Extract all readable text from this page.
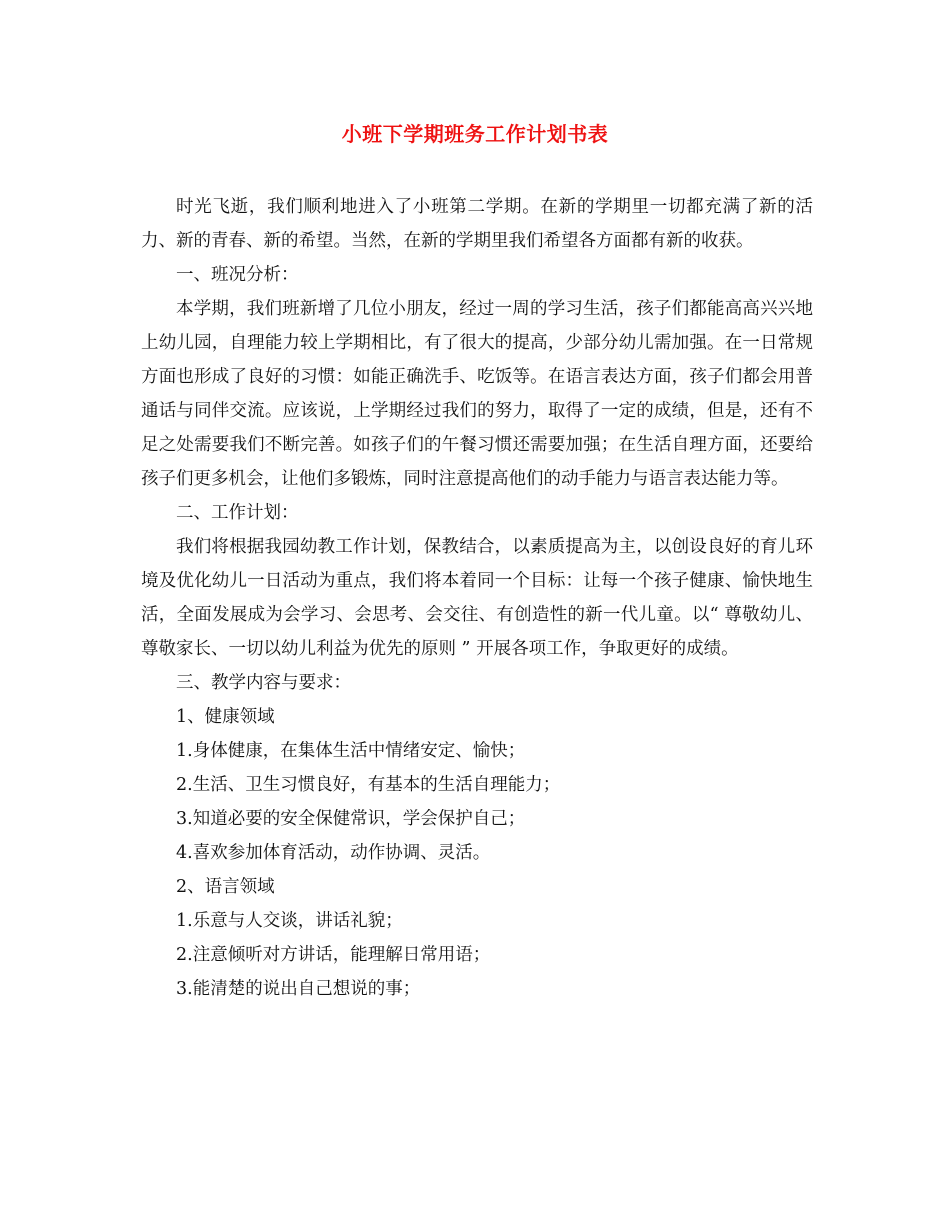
小班下学期班务工作计划书表

时光飞逝，我们顺利地进入了小班第二学期。在新的学期里一切都充满了新的活力、新的青春、新的希望。当然，在新的学期里我们希望各方面都有新的收获。

一、班况分析：

本学期，我们班新增了几位小朋友，经过一周的学习生活，孩子们都能高高兴兴地上幼儿园，自理能力较上学期相比，有了很大的提高，少部分幼儿需加强。在一日常规方面也形成了良好的习惯：如能正确洗手、吃饭等。在语言表达方面，孩子们都会用普通话与同伴交流。应该说，上学期经过我们的努力，取得了一定的成绩，但是，还有不足之处需要我们不断完善。如孩子们的午餐习惯还需要加强；在生活自理方面，还要给孩子们更多机会，让他们多锻炼，同时注意提高他们的动手能力与语言表达能力等。

二、工作计划：

我们将根据我园幼教工作计划，保教结合，以素质提高为主，以创设良好的育儿环境及优化幼儿一日活动为重点，我们将本着同一个目标：让每一个孩子健康、愉快地生活，全面发展成为会学习、会思考、会交往、有创造性的新一代儿童。以“ 尊敬幼儿、尊敬家长、一切以幼儿利益为优先的原则 ” 开展各项工作，争取更好的成绩。

三、教学内容与要求：

1、健康领域

1.身体健康，在集体生活中情绪安定、愉快；

2.生活、卫生习惯良好，有基本的生活自理能力；

3.知道必要的安全保健常识，学会保护自己；

4.喜欢参加体育活动，动作协调、灵活。

2、语言领域

1.乐意与人交谈，讲话礼貌；

2.注意倾听对方讲话，能理解日常用语；

3.能清楚的说出自己想说的事；
